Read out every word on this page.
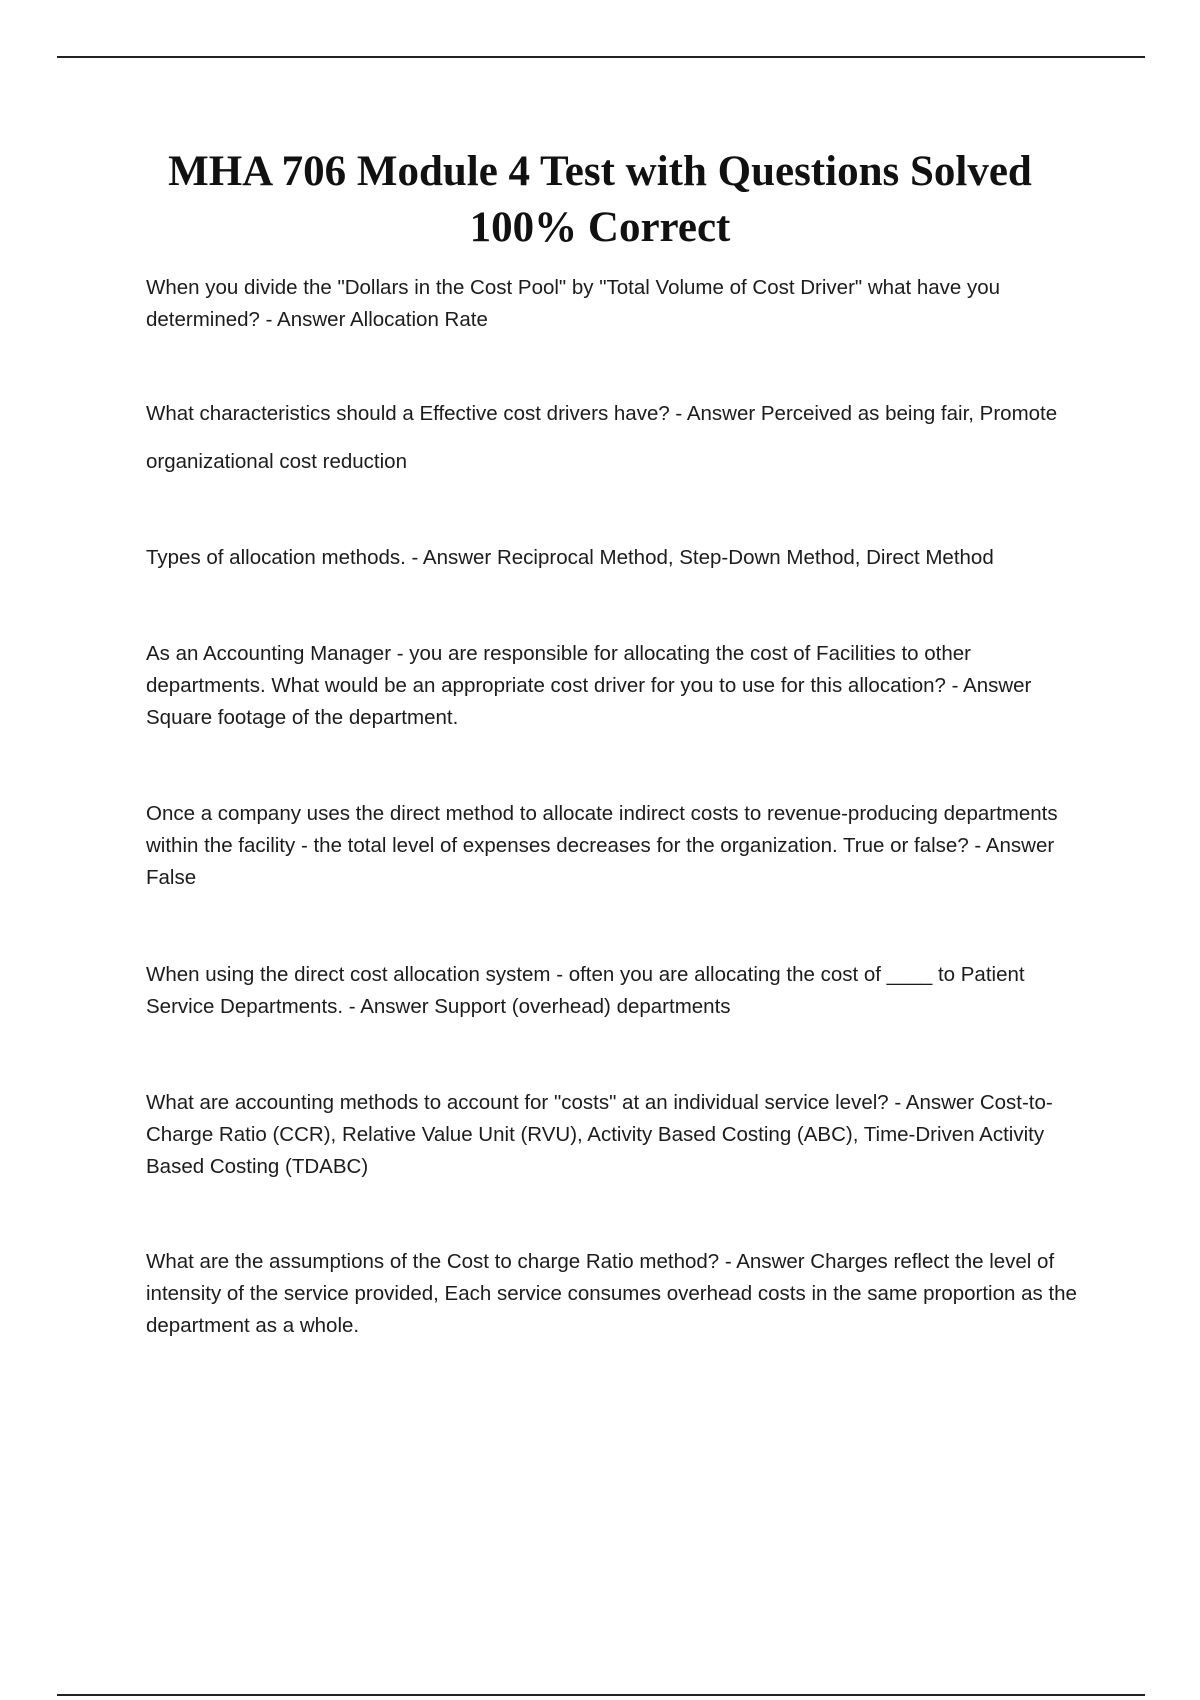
MHA 706 Module 4 Test with Questions Solved
100% Correct

When you divide the "Dollars in the Cost Pool" by "Total Volume of Cost Driver" what have you determined? - Answer Allocation Rate

What characteristics should a Effective cost drivers have? - Answer Perceived as being fair, Promote organizational cost reduction

Types of allocation methods. - Answer Reciprocal Method, Step-Down Method, Direct Method

As an Accounting Manager - you are responsible for allocating the cost of Facilities to other departments. What would be an appropriate cost driver for you to use for this allocation? - Answer Square footage of the department.

Once a company uses the direct method to allocate indirect costs to revenue-producing departments within the facility - the total level of expenses decreases for the organization. True or false? - Answer False

When using the direct cost allocation system - often you are allocating the cost of ____ to Patient Service Departments. - Answer Support (overhead) departments

What are accounting methods to account for "costs" at an individual service level? - Answer Cost-to-Charge Ratio (CCR), Relative Value Unit (RVU), Activity Based Costing (ABC), Time-Driven Activity Based Costing (TDABC)

What are the assumptions of the Cost to charge Ratio method? - Answer Charges reflect the level of intensity of the service provided, Each service consumes overhead costs in the same proportion as the department as a whole.
